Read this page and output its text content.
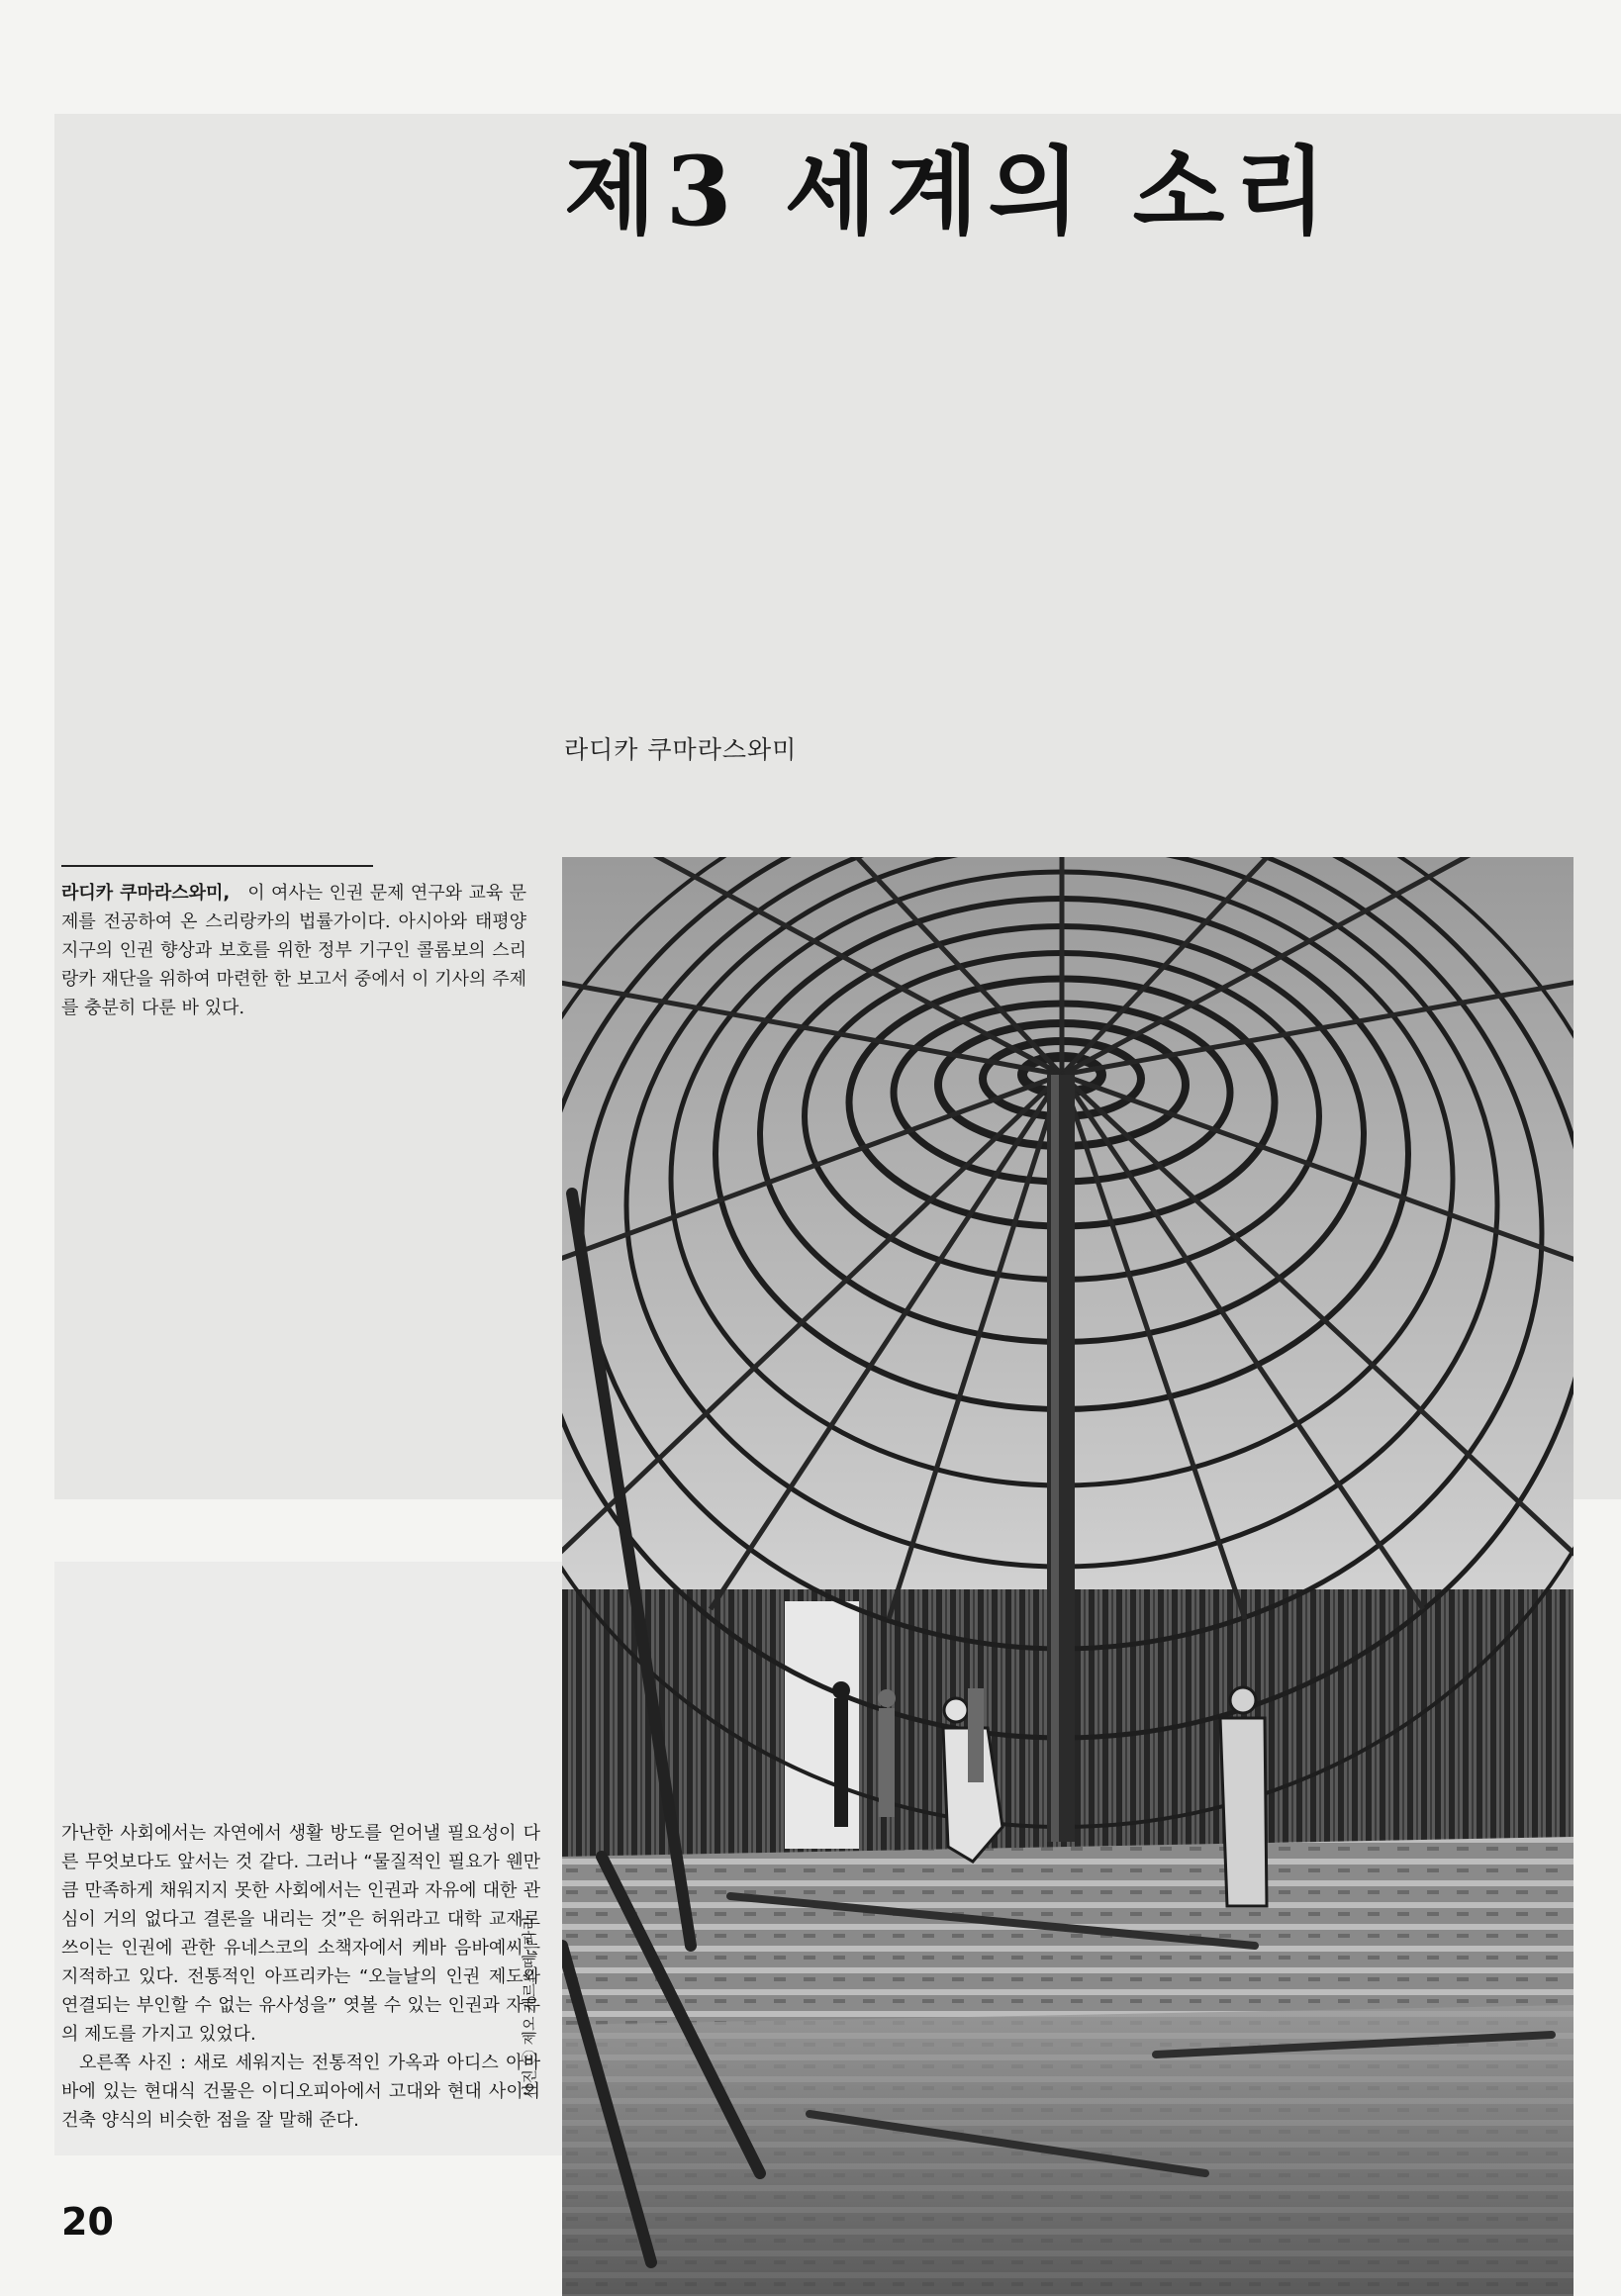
제3 세계의 소리
라디카 쿠마라스와미

라디카 쿠마라스와미, 이 여사는 인권 문제 연구와 교육 문제를 전공하여 온 스리랑카의 법률가이다. 아시아와 태평양 지구의 인권 향상과 보호를 위한 정부 기구인 콜롬보의 스리랑카 재단을 위하여 마련한 한 보고서 중에서 이 기사의 주제를 충분히 다룬 바 있다.

가난한 사회에서는 자연에서 생활 방도를 얻어낼 필요성이 다른 무엇보다도 앞서는 것 같다. 그러나 “물질적인 필요가 웬만큼 만족하게 채워지지 못한 사회에서는 인권과 자유에 대한 관심이 거의 없다고 결론을 내리는 것”은 허위라고 대학 교재로 쓰이는 인권에 관한 유네스코의 소책자에서 케바 음바예씨는 지적하고 있다. 전통적인 아프리카는 “오늘날의 인권 제도와 연결되는 부인할 수 없는 유사성을” 엿볼 수 있는 인권과 자유의 제도를 가지고 있었다.

오른쪽 사진 : 새로 세워지는 전통적인 가옥과 아디스 아바바에 있는 현대식 건물은 이디오피아에서 고대와 현대 사이의 건축 양식의 비슷한 점을 잘 말해 준다.

사진 ⓒ 제오 게르스떼, 파리
20
